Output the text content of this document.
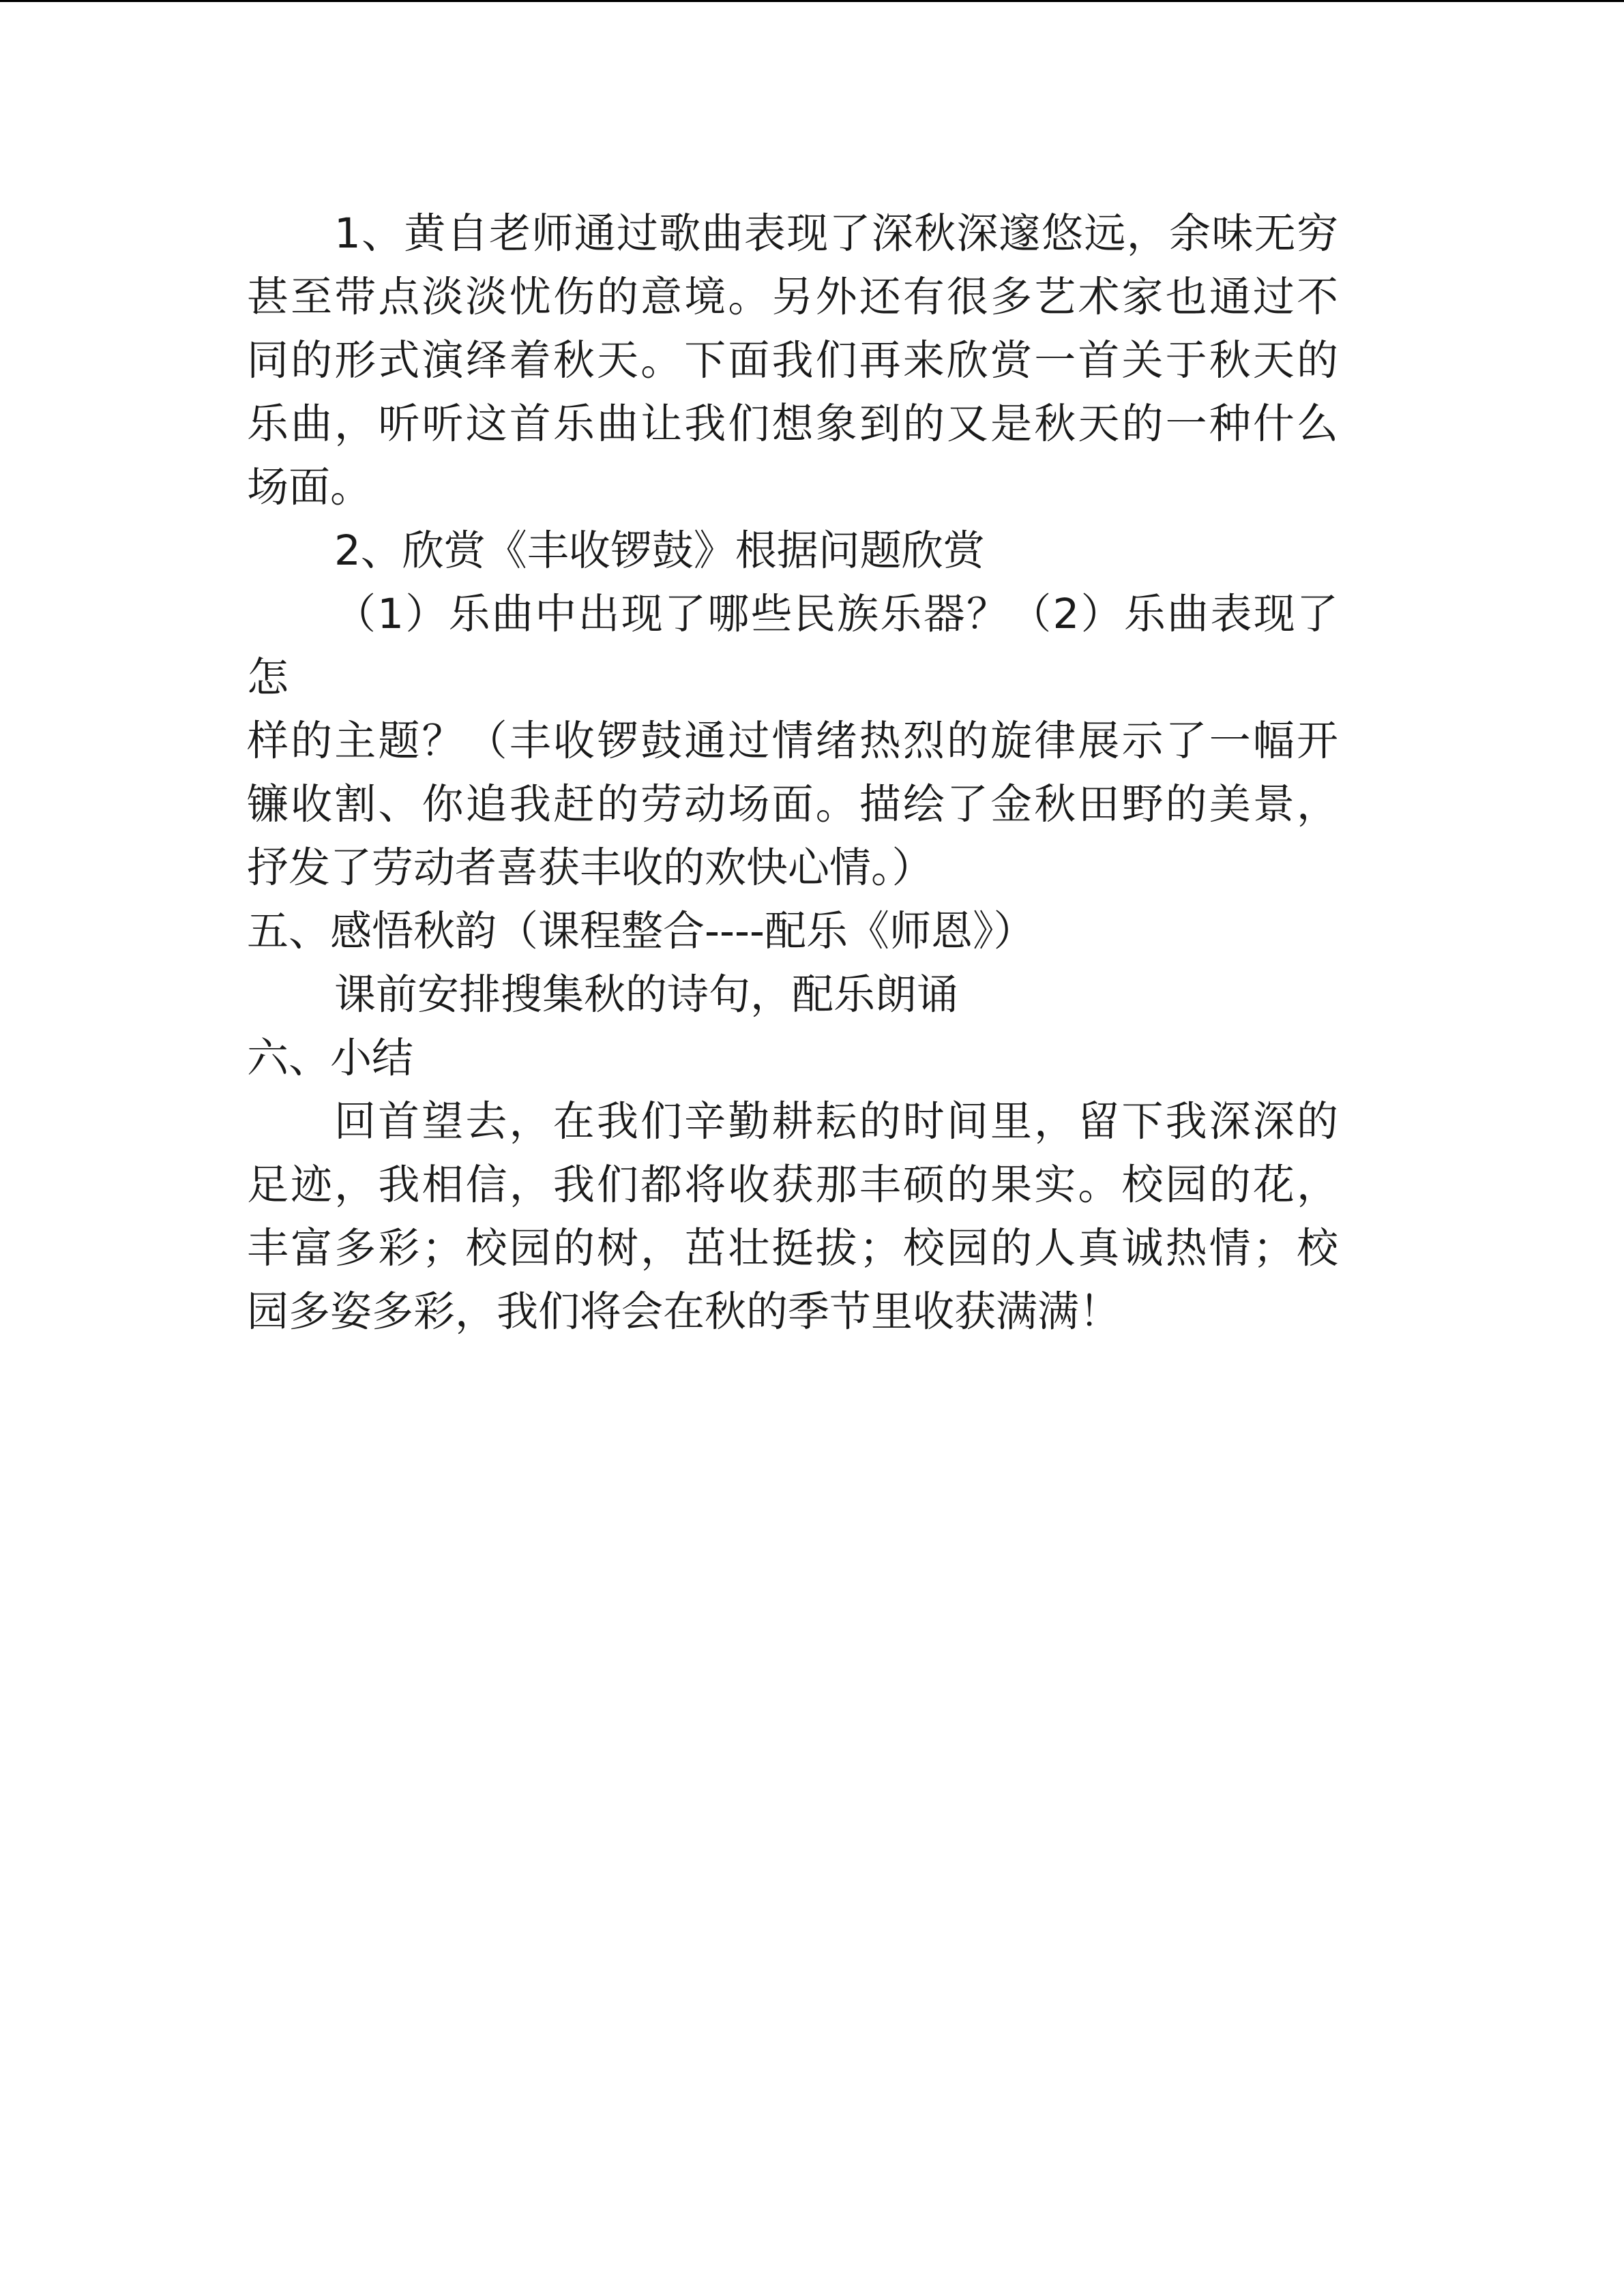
1、黄自老师通过歌曲表现了深秋深邃悠远，余味无穷
甚至带点淡淡忧伤的意境。另外还有很多艺术家也通过不
同的形式演绎着秋天。下面我们再来欣赏一首关于秋天的
乐曲，听听这首乐曲让我们想象到的又是秋天的一种什么
场面。

2、欣赏《丰收锣鼓》根据问题欣赏

（1）乐曲中出现了哪些民族乐器？（2）乐曲表现了怎
样的主题？（丰收锣鼓通过情绪热烈的旋律展示了一幅开
镰收割、你追我赶的劳动场面。描绘了金秋田野的美景，
抒发了劳动者喜获丰收的欢快心情。）

五、感悟秋韵（课程整合----配乐《师恩》）

课前安排搜集秋的诗句，配乐朗诵

六、小结

回首望去，在我们辛勤耕耘的时间里，留下我深深的
足迹，我相信，我们都将收获那丰硕的果实。校园的花，
丰富多彩；校园的树，茁壮挺拔；校园的人真诚热情；校
园多姿多彩，我们将会在秋的季节里收获满满！
